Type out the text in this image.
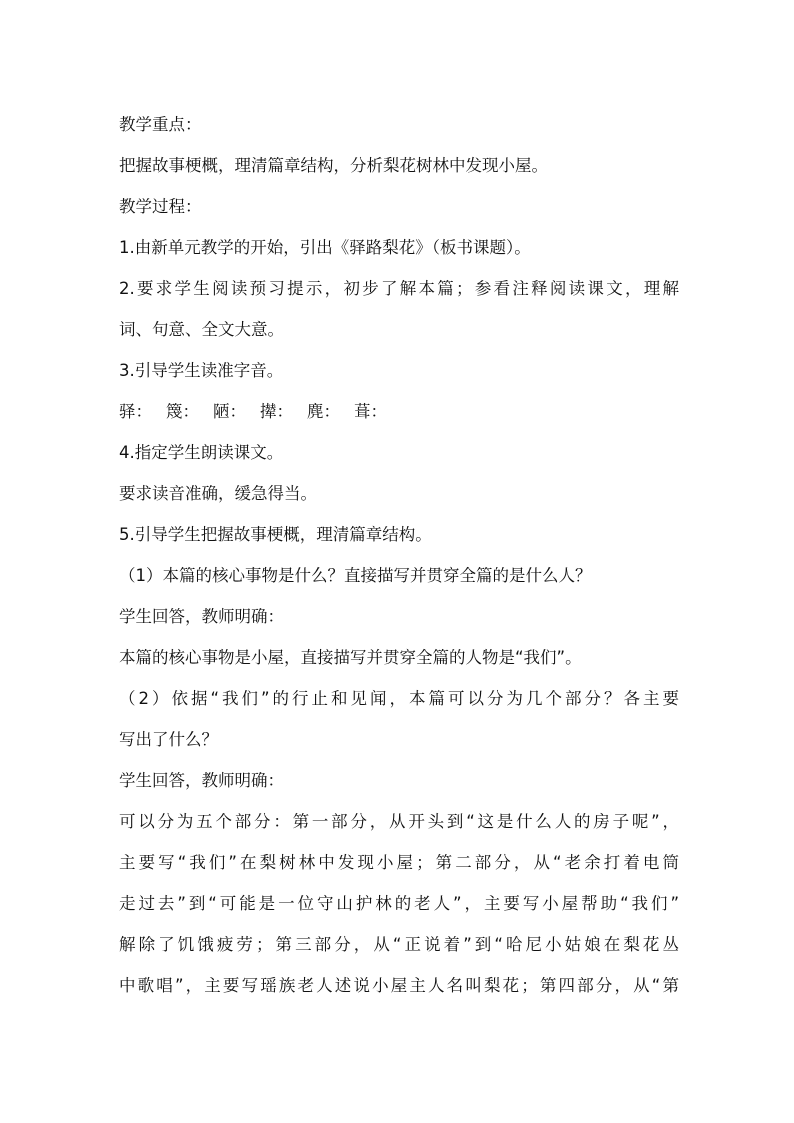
教学重点：
把握故事梗概，理清篇章结构，分析梨花树林中发现小屋。
教学过程：
1.由新单元教学的开始，引出《驿路梨花》（板书课题）。
2.要求学生阅读预习提示，初步了解本篇；参看注释阅读课文，理解
词、句意、全文大意。
3.引导学生读准字音。
驿： 篾： 陋： 撵： 麂： 葺：
4.指定学生朗读课文。
要求读音准确，缓急得当。
5.引导学生把握故事梗概，理清篇章结构。
（1）本篇的核心事物是什么？直接描写并贯穿全篇的是什么人？
学生回答，教师明确：
本篇的核心事物是小屋，直接描写并贯穿全篇的人物是“我们”。
（2）依据“我们”的行止和见闻，本篇可以分为几个部分？各主要
写出了什么？
学生回答，教师明确：
可以分为五个部分：第一部分，从开头到“这是什么人的房子呢”，
主要写“我们”在梨树林中发现小屋；第二部分，从“老余打着电筒
走过去”到“可能是一位守山护林的老人”，主要写小屋帮助“我们”
解除了饥饿疲劳；第三部分，从“正说着”到“哈尼小姑娘在梨花丛
中歌唱”，主要写瑶族老人述说小屋主人名叫梨花；第四部分，从“第
